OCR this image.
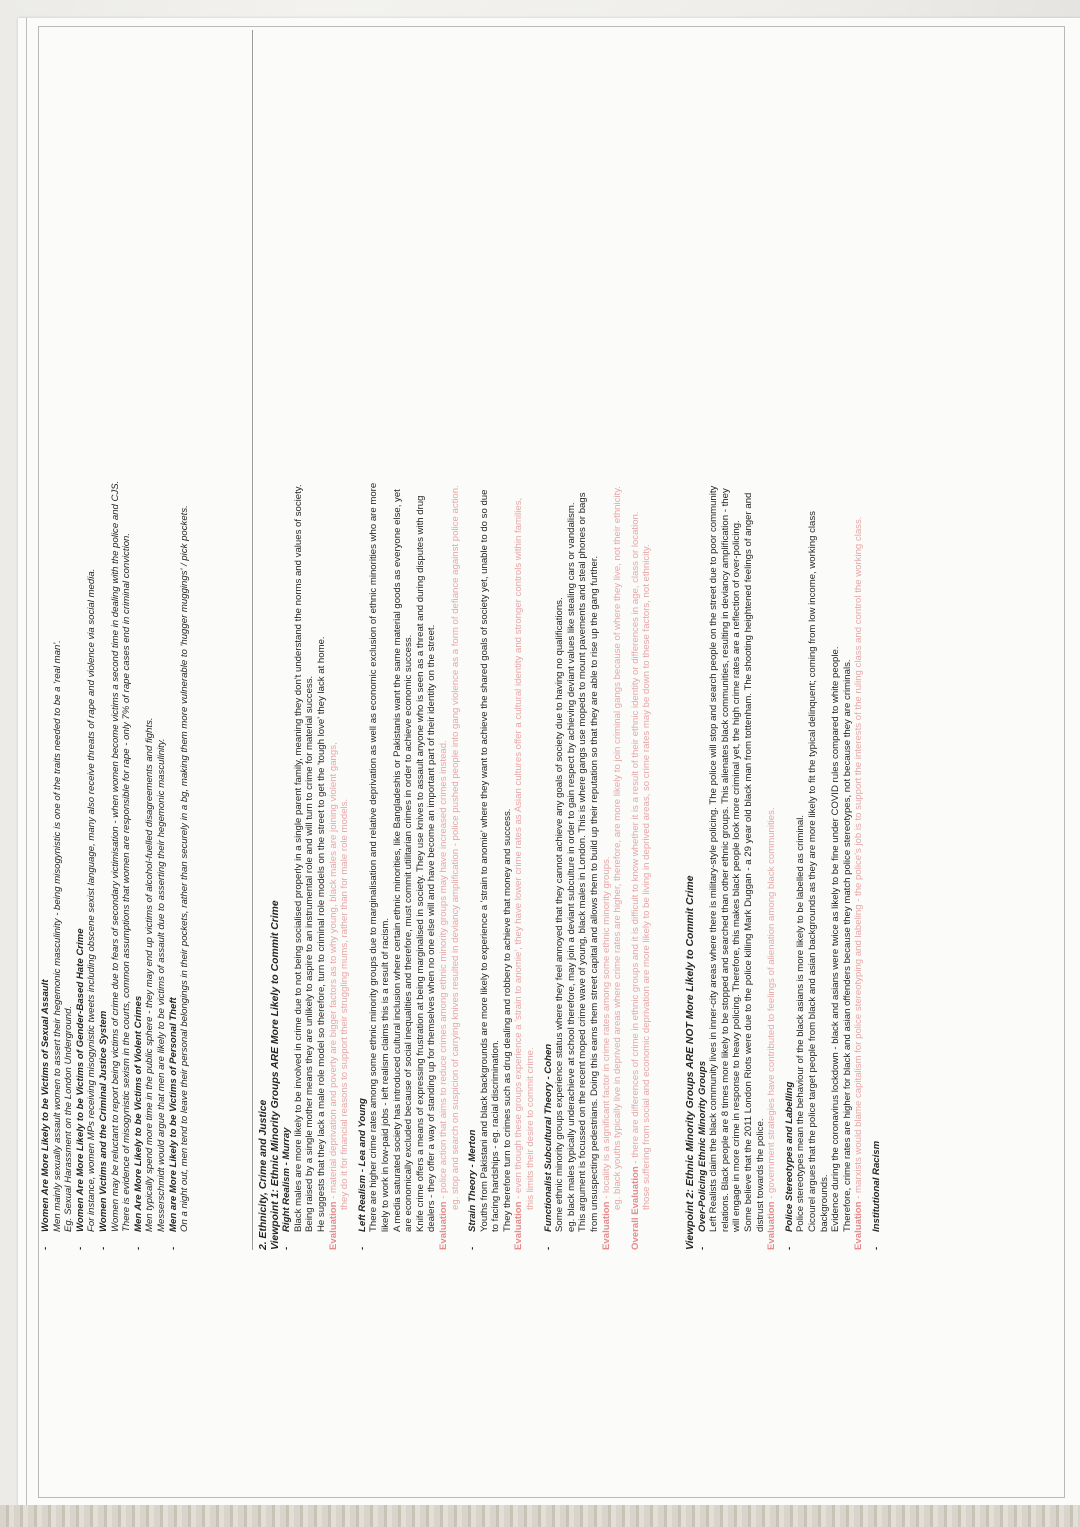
- Women Are More Likely to be Victims of Sexual Assault Men mainly sexually assault women to assert their hegemonic masculinity - being misogynistic is one of the traits needed to be a 'real man'. Eg. Sexual Harassment on the London Underground. - Women Are More Likely to be Victims of Gender-Based Hate Crime For instance, women MPs receiving misogynistic tweets including obscene sexist language, many also receive threats of rape and violence via social media. - Women Victims and the Criminal Justice System Women may be reluctant to report being victims of crime due to fears of secondary victimisation - when women become victims a second time in dealing with the police and CJS. There is evidence of misogynistic sexism in the courts, common assumptions that women are responsible for rape - only 7% of rape cases end in criminal conviction. - Men Are More Likely to be Victims of Violent Crimes Men typically spend more time in the public sphere - they may end up victims of alcohol-fuelled disagreements and fights. Messerschmidt would argue that men are likely to be victims of assault due to asserting their hegemonic masculinity. - Men are More Likely to be Victims of Personal Theft On a night out, men tend to leave their personal belongings in their pockets, rather than securely in a bg, making them more vulnerable to 'hugger muggings' / pick pockets.	2. Ethnicity, Crime and Justice Viewpoint 1: Ethnic Minority Groups ARE More Likely to Commit Crime - Right Realism - Murray Black males are more likely to be involved in crime due to not being socialised properly in a single parent family, meaning they don't understand the norms and values of society. Being raised by a single mother means they are unlikely to aspire to an instrumental role and will turn to crime for material success. He suggests that they lack a male role model so therefore, turn to criminal role models on the street to get the 'tough love' they lack at home. Evaluation - material deprivation and poverty are bigger factors as to why young, black males are joining violent gangs, they do it for financial reasons to support their struggling mums, rather than for male role models. - Left Realism - Lea and Young There are higher crime rates among some ethnic minority groups due to marginalisation and relative deprivation as well as economic exclusion of ethnic minorities who are more likely to work in low-paid jobs - left realism claims this is a result of racism. A media saturated society has introduced cultural inclusion where certain ethnic minorities, like Bangladeshis or Pakistanis want the same material goods as everyone else, yet are economically excluded because of social inequalities and therefore, must commit utilitarian crimes in order to achieve economic success. Knife crime offers a means of expressing frustration at being marginalised in society. They use knives to assault anyone who is seen as a threat and during disputes with drug dealers - they offer a way of standing up for themselves when no one else will and have become an important part of their identity on the street. Evaluation - police action that aims to reduce crimes among ethnic minority groups may have increased crimes instead. eg. stop and search on suspicion of carrying knives resulted in deviancy amplification - police pushed people into gang violence as a form of defiance against police action. - Strain Theory - Merton Youths from Pakistani and black backgrounds are more likely to experience a 'strain to anomie' where they want to achieve the shared goals of society yet, unable to do so due to facing hardships - eg. racial discrimination. They therefore turn to crimes such as drug dealing and robbery to achieve that money and success. Evaluation - even though these groups experience a 'strain to anomie', they have lower crime rates as Asian cultures offer a cultural identity and stronger controls within families, this limits their desire to commit crime. - Functionalist Subcultural Theory - Cohen Some ethnic minority groups experience status where they feel annoyed that they cannot achieve any goals of society due to having no qualifications. eg. black males typically underachieve at school therefore, may join a deviant subculture in order to gain respect by achieving deviant values like stealing cars or vandalism. This argument is focussed on the recent moped crime wave of young, black males in London. This is where gangs use mopeds to mount pavements and steal phones or bags from unsuspecting pedestrians. Doing this earns them street capital and allows them to build up their reputation so that they are able to rise up the gang further. Evaluation - locality is a significant factor in crime rates among some ethnic minority groups. eg. black youths typically live in deprived areas where crime rates are higher, therefore, are more likely to join criminal gangs because of where they live, not their ethnicity. Overall Evaluation - there are differences of crime in ethnic groups and it is difficult to know whether it is a result of their ethnic identity or differences in age, class or location. those suffering from social and economic deprivation are more likely to be living in deprived areas, so crime rates may be down to these factors, not ethnicity.	Viewpoint 2: Ethnic Minority Groups ARE NOT More Likely to Commit Crime - Over-Policing Ethnic Minority Groups Left Realists claim the black community lives in inner-city areas where there is military-style policing. The police will stop and search people on the street due to poor community relations. Black people are 8 times more likely to be stopped and searched than other ethnic groups. This alienates black communities, resulting in deviancy amplification - they will engage in more crime in response to heavy policing. Therefore, this makes black people look more criminal yet, the high crime rates are a reflection of over-policing. Some believe that the 2011 London Riots were due to the police killing Mark Duggan - a 29 year old black man from tottenham. The shooting heightened feelings of anger and distrust towards the police. Evaluation - government strategies have contributed to feelings of alienation among black communities. - Police Stereotypes and Labelling Police stereotypes mean the behaviour of the black asians is more likely to be labelled as criminal. Cicourel argues that the police target people from black and asian backgrounds as they are more likely to fit the typical delinquent; coming from low income, working class backgrounds. Evidence during the coronavirus lockdown - black and asians were twice as likely to be fine under COVID rules compared to white people. Therefore, crime rates are higher for black and asian offenders because they match police stereotypes, not because they are criminals. Evaluation - marxists would blame capitalism for police stereotyping and labeling - the police's job is to support the interests of the ruling class and control the working class. - Institutional Racism
